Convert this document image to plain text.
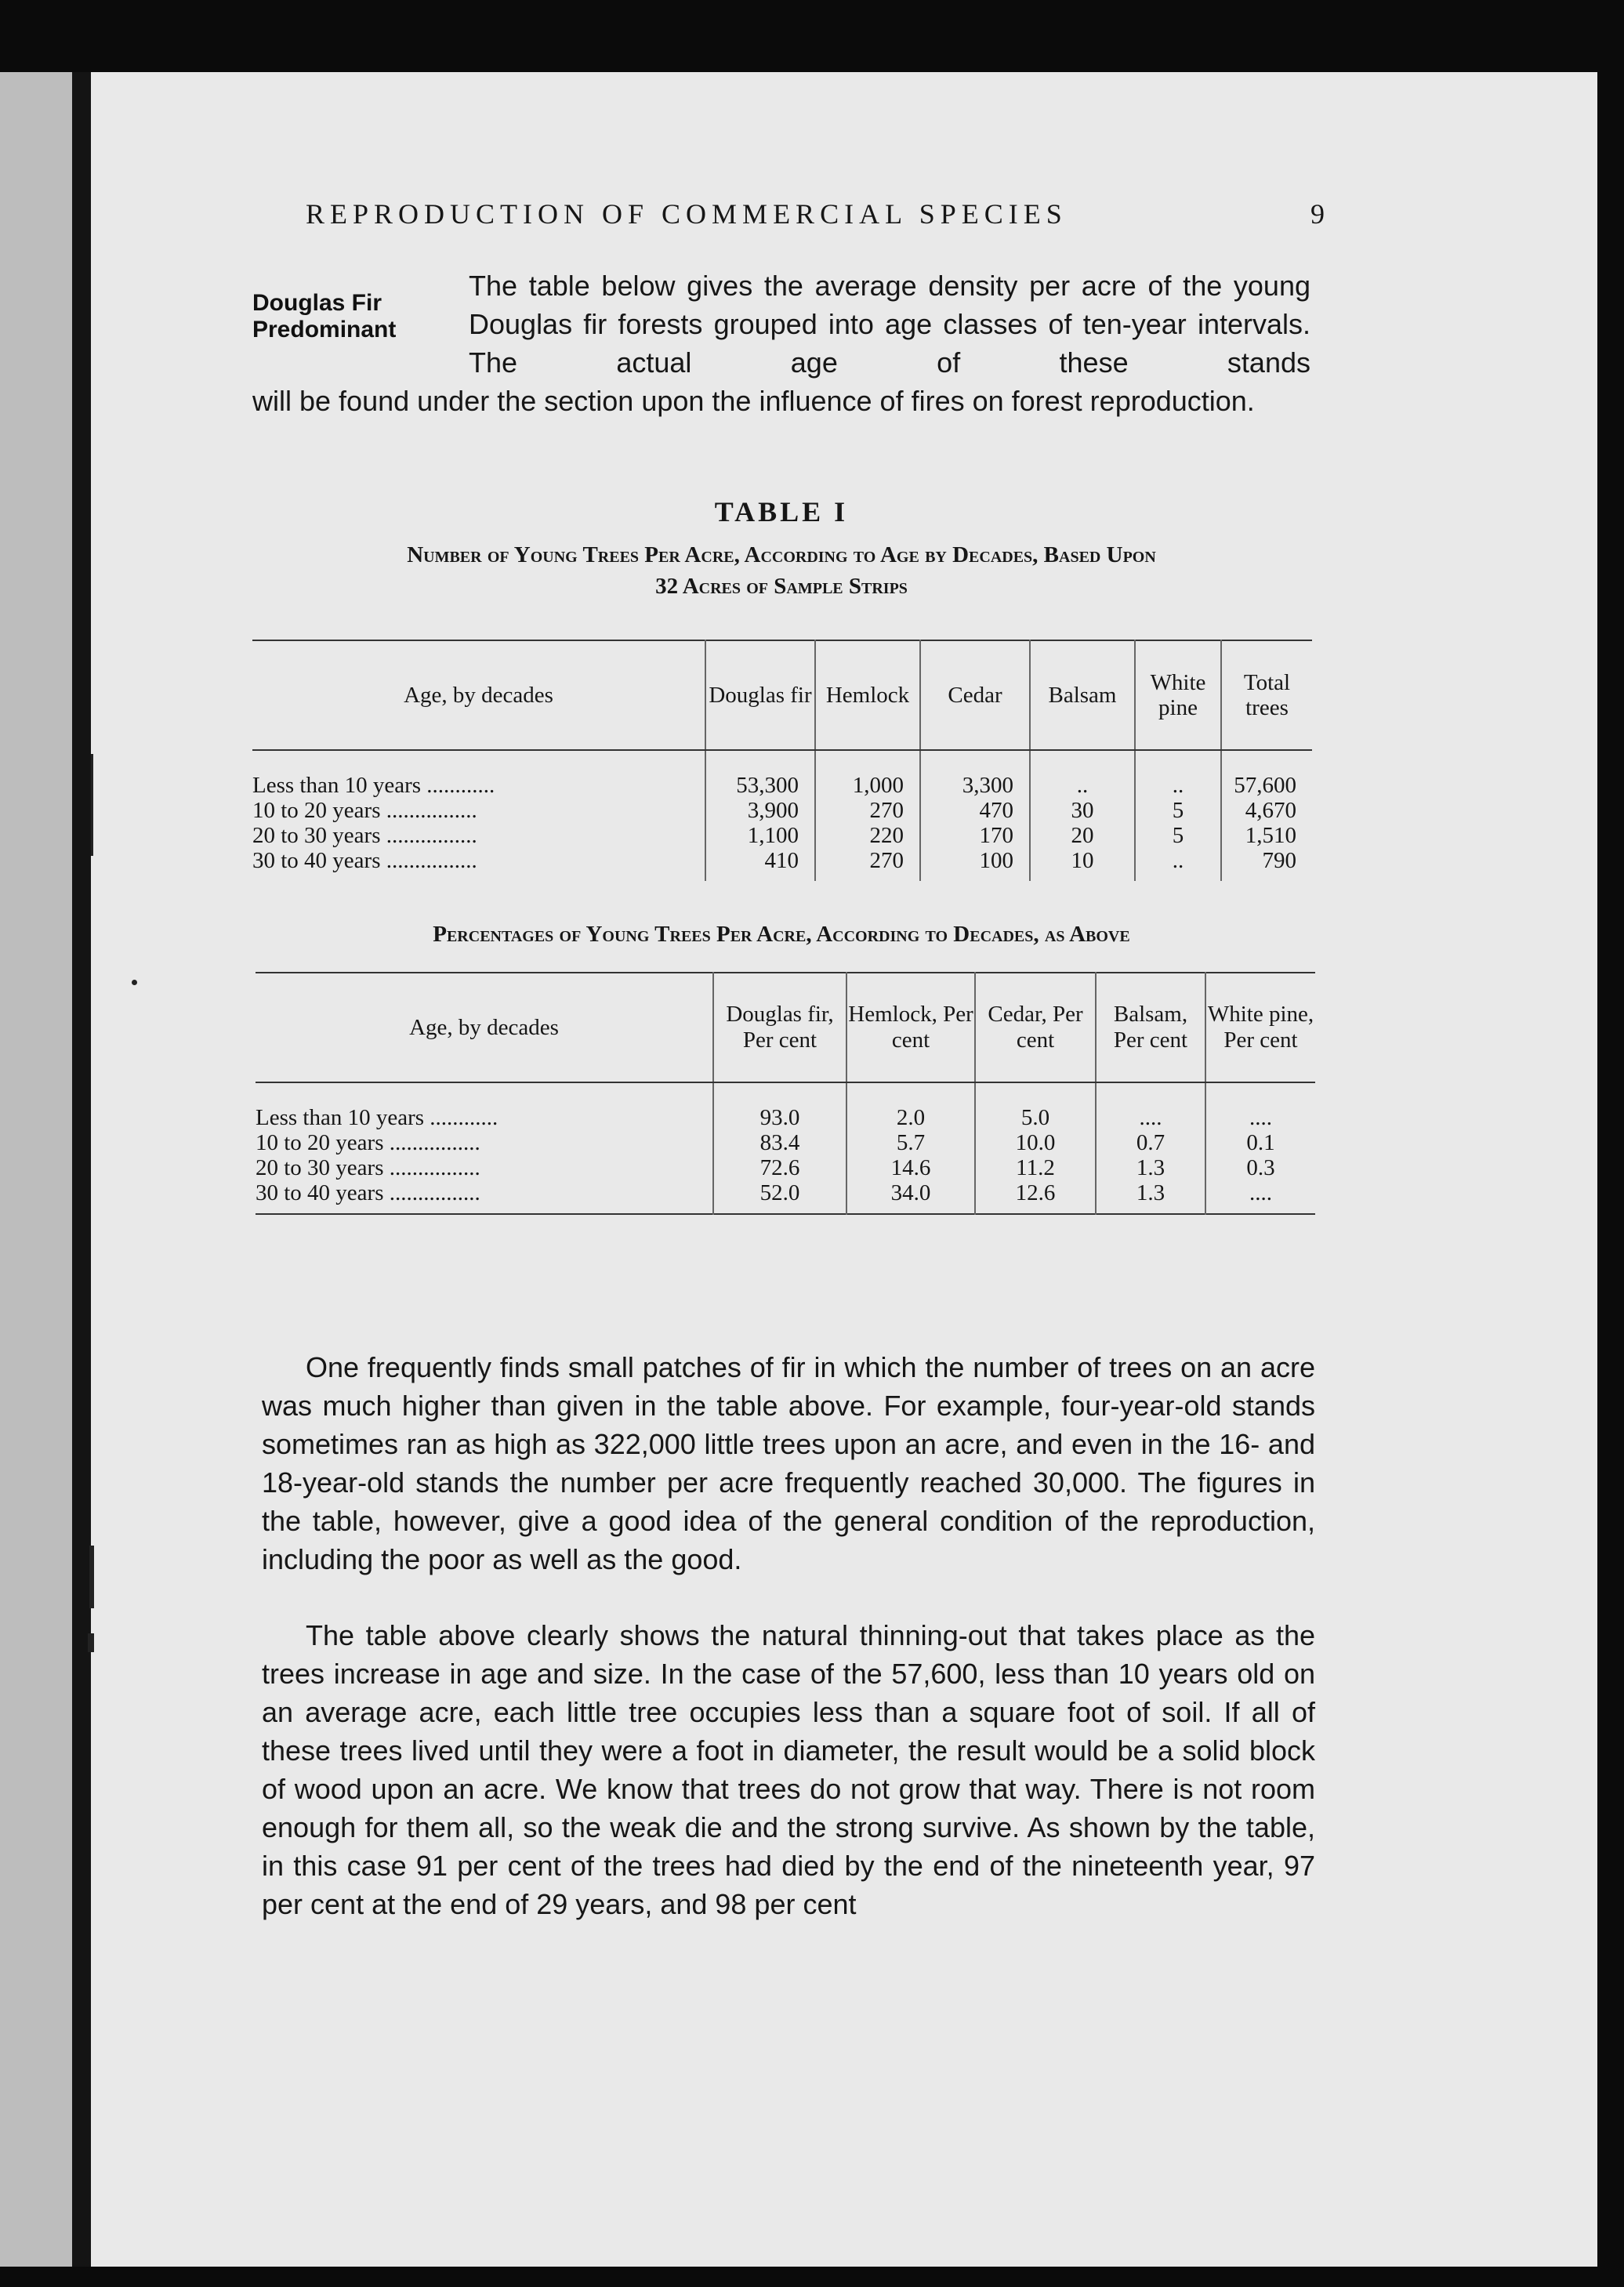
REPRODUCTION OF COMMERCIAL SPECIES	9
Douglas Fir
Predominant
The table below gives the average density per acre of the young Douglas fir forests grouped into age classes of ten-year intervals. The actual age of these stands
will be found under the section upon the influence of fires on forest reproduction.
TABLE I
Number of Young Trees Per Acre, According to Age by Decades, Based Upon
32 Acres of Sample Strips
Age, by decades	Douglas fir	Hemlock	Cedar	Balsam	White pine	Total trees
Less than 10 years ............	53,300	1,000	3,300	..	..	57,600
10 to 20 years ................	3,900	270	470	30	5	4,670
20 to 30 years ................	1,100	220	170	20	5	1,510
30 to 40 years ................	410	270	100	10	..	790
Percentages of Young Trees Per Acre, According to Decades, as Above
Age, by decades	Douglas fir, Per cent	Hemlock, Per cent	Cedar, Per cent	Balsam, Per cent	White pine, Per cent
Less than 10 years ............	93.0	2.0	5.0	....	....
10 to 20 years ................	83.4	5.7	10.0	0.7	0.1
20 to 30 years ................	72.6	14.6	11.2	1.3	0.3
30 to 40 years ................	52.0	34.0	12.6	1.3	....

One frequently finds small patches of fir in which the number of trees on an acre was much higher than given in the table above. For example, four-year-old stands sometimes ran as high as 322,000 little trees upon an acre, and even in the 16- and 18-year-old stands the number per acre frequently reached 30,000. The figures in the table, however, give a good idea of the general condition of the reproduction, including the poor as well as the good.

The table above clearly shows the natural thinning-out that takes place as the trees increase in age and size. In the case of the 57,600, less than 10 years old on an average acre, each little tree occupies less than a square foot of soil. If all of these trees lived until they were a foot in diameter, the result would be a solid block of wood upon an acre. We know that trees do not grow that way. There is not room enough for them all, so the weak die and the strong survive. As shown by the table, in this case 91 per cent of the trees had died by the end of the nineteenth year, 97 per cent at the end of 29 years, and 98 per cent
